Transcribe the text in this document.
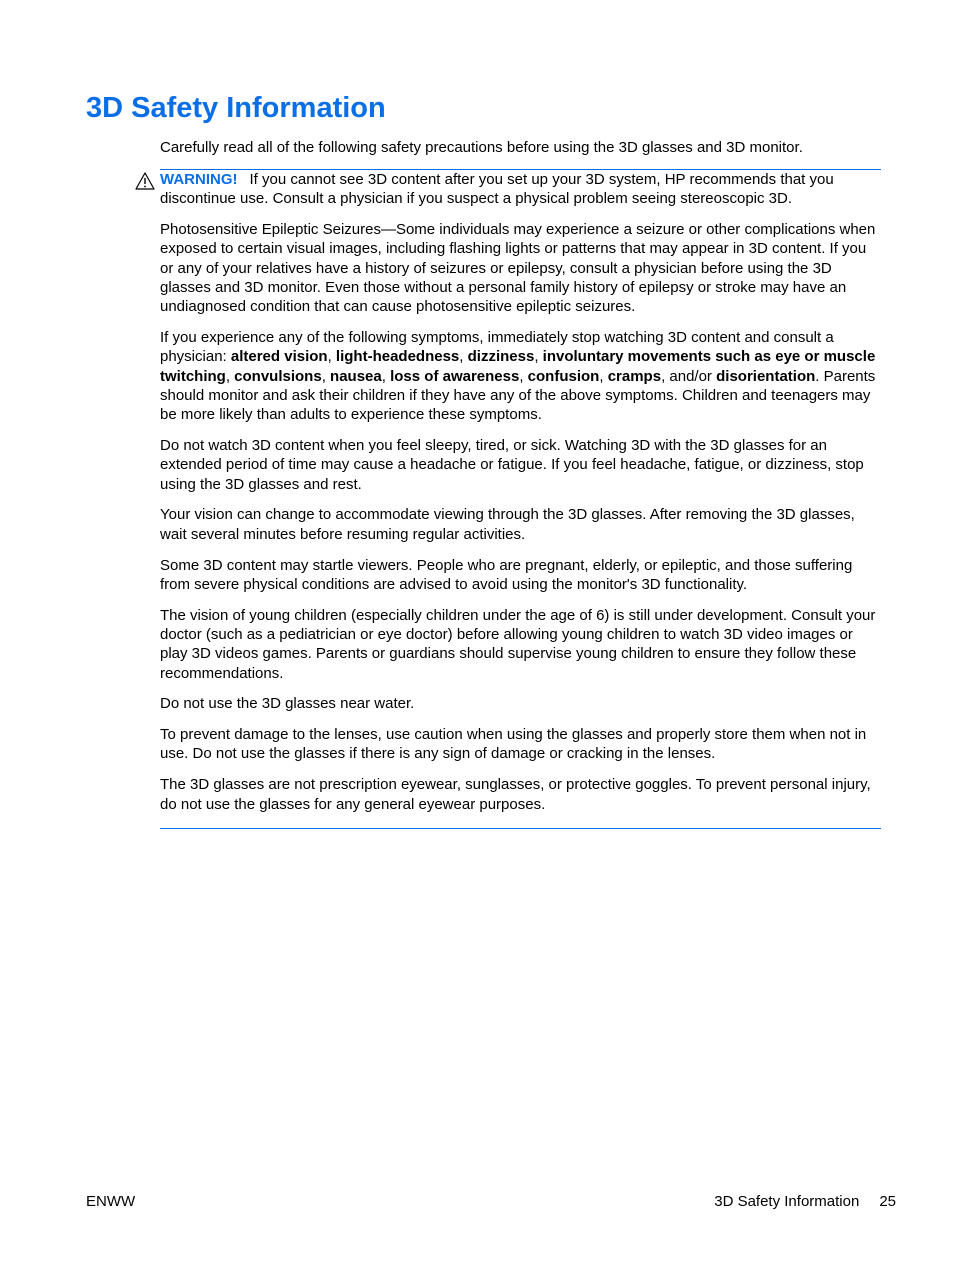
3D Safety Information

Carefully read all of the following safety precautions before using the 3D glasses and 3D monitor.

WARNING! If you cannot see 3D content after you set up your 3D system, HP recommends that you discontinue use. Consult a physician if you suspect a physical problem seeing stereoscopic 3D.

Photosensitive Epileptic Seizures—Some individuals may experience a seizure or other complications when exposed to certain visual images, including flashing lights or patterns that may appear in 3D content. If you or any of your relatives have a history of seizures or epilepsy, consult a physician before using the 3D glasses and 3D monitor. Even those without a personal family history of epilepsy or stroke may have an undiagnosed condition that can cause photosensitive epileptic seizures.

If you experience any of the following symptoms, immediately stop watching 3D content and consult a physician: altered vision, light-headedness, dizziness, involuntary movements such as eye or muscle twitching, convulsions, nausea, loss of awareness, confusion, cramps, and/or disorientation. Parents should monitor and ask their children if they have any of the above symptoms. Children and teenagers may be more likely than adults to experience these symptoms.

Do not watch 3D content when you feel sleepy, tired, or sick. Watching 3D with the 3D glasses for an extended period of time may cause a headache or fatigue. If you feel headache, fatigue, or dizziness, stop using the 3D glasses and rest.

Your vision can change to accommodate viewing through the 3D glasses. After removing the 3D glasses, wait several minutes before resuming regular activities.

Some 3D content may startle viewers. People who are pregnant, elderly, or epileptic, and those suffering from severe physical conditions are advised to avoid using the monitor's 3D functionality.

The vision of young children (especially children under the age of 6) is still under development. Consult your doctor (such as a pediatrician or eye doctor) before allowing young children to watch 3D video images or play 3D videos games. Parents or guardians should supervise young children to ensure they follow these recommendations.

Do not use the 3D glasses near water.

To prevent damage to the lenses, use caution when using the glasses and properly store them when not in use. Do not use the glasses if there is any sign of damage or cracking in the lenses.

The 3D glasses are not prescription eyewear, sunglasses, or protective goggles. To prevent personal injury, do not use the glasses for any general eyewear purposes.

ENWW	3D Safety Information 25
